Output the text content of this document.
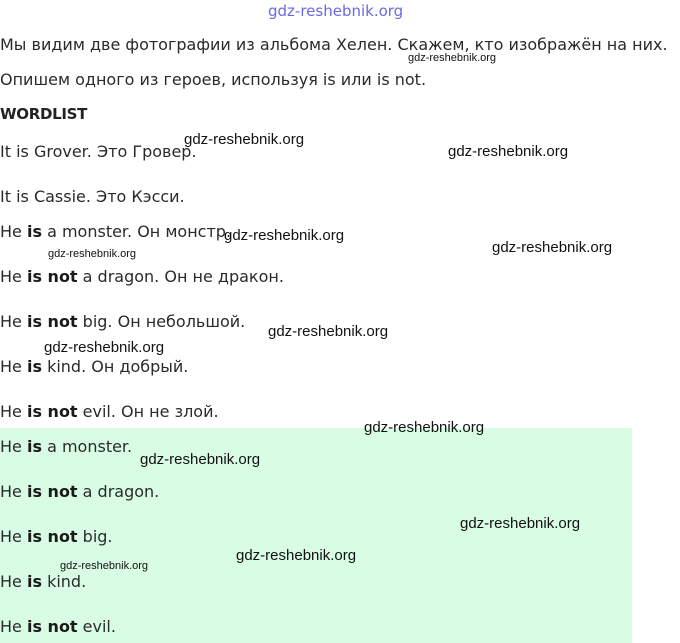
gdz-reshebnik.org
Мы видим две фотографии из альбома Хелен. Скажем, кто изображён на них.
Опишем одного из героев, используя is или is not.
WORDLIST
It is Grover. Это Гровер.
It is Cassie. Это Кэсси.
He is a monster. Он монстр.
He is not a dragon. Он не дракон.
He is not big. Он небольшой.
He is kind. Он добрый.
He is not evil. Он не злой.
He is a monster.
He is not a dragon.
He is not big.
He is kind.
He is not evil.
gdz-reshebnik.org
gdz-reshebnik.org
gdz-reshebnik.org
gdz-reshebnik.org
gdz-reshebnik.org
gdz-reshebnik.org
gdz-reshebnik.org
gdz-reshebnik.org
gdz-reshebnik.org
gdz-reshebnik.org
gdz-reshebnik.org
gdz-reshebnik.org
gdz-reshebnik.org
